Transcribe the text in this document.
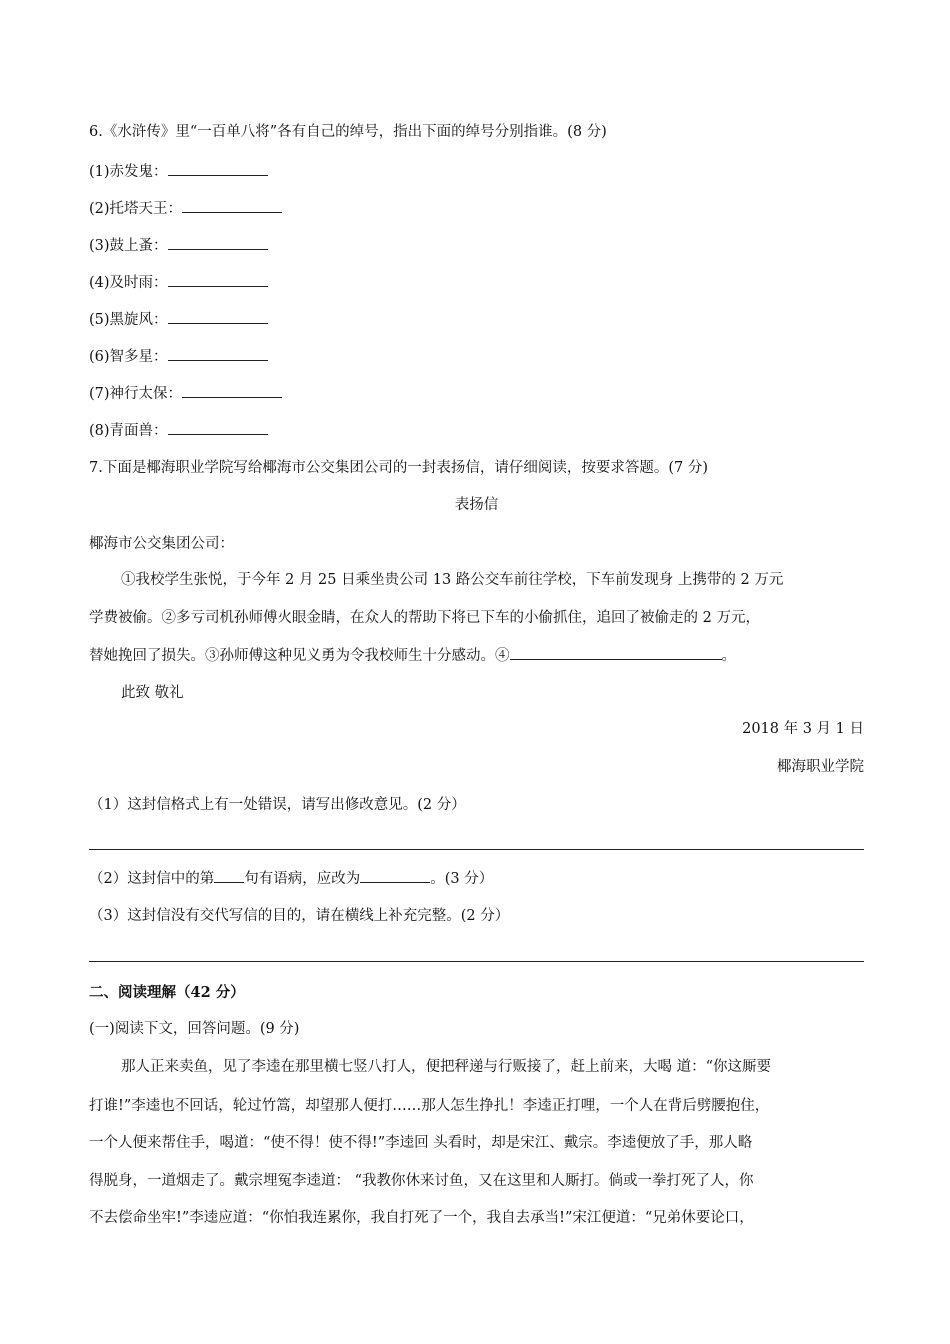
6.《水浒传》里“一百单八将”各有自己的绰号，指出下面的绰号分别指谁。(8 分)
(1)赤发鬼：
(2)托塔天王：
(3)鼓上蚤：
(4)及时雨：
(5)黑旋风：
(6)智多星：
(7)神行太保：
(8)青面兽：
7.下面是椰海职业学院写给椰海市公交集团公司的一封表扬信，请仔细阅读，按要求答题。(7 分)
表扬信
椰海市公交集团公司：
①我校学生张悦，于今年 2 月 25 日乘坐贵公司 13 路公交车前往学校，下车前发现身 上携带的 2 万元
学费被偷。②多亏司机孙师傅火眼金睛，在众人的帮助下将已下车的小偷抓住，追回了被偷走的 2 万元，
替她挽回了损失。③孙师傅这种见义勇为令我校师生十分感动。④	。
此致 敬礼
2018 年 3 月 1 日
椰海职业学院
（1）这封信格式上有一处错误，请写出修改意见。(2 分）
（2）这封信中的第 句有语病，应改为	。(3 分）
（3）这封信没有交代写信的目的，请在横线上补充完整。(2 分）
二、阅读理解（42 分）
(一)阅读下文，回答问题。(9 分)
那人正来卖鱼，见了李逵在那里横七竖八打人，便把秤递与行贩接了，赶上前来，大喝 道：“你这厮要
打谁!”李逵也不回话，轮过竹篙，却望那人便打……那人怎生挣扎！李逵正打哩，一个人在背后劈腰抱住，
一个人便来帮住手，喝道：“使不得！使不得!”李逵回 头看时，却是宋江、戴宗。李逵便放了手，那人略
得脱身，一道烟走了。戴宗埋冤李逵道： “我教你休来讨鱼，又在这里和人厮打。倘或一拳打死了人，你
不去偿命坐牢!”李逵应道：“你怕我连累你，我自打死了一个，我自去承当!”宋江便道：“兄弟休要论口，
